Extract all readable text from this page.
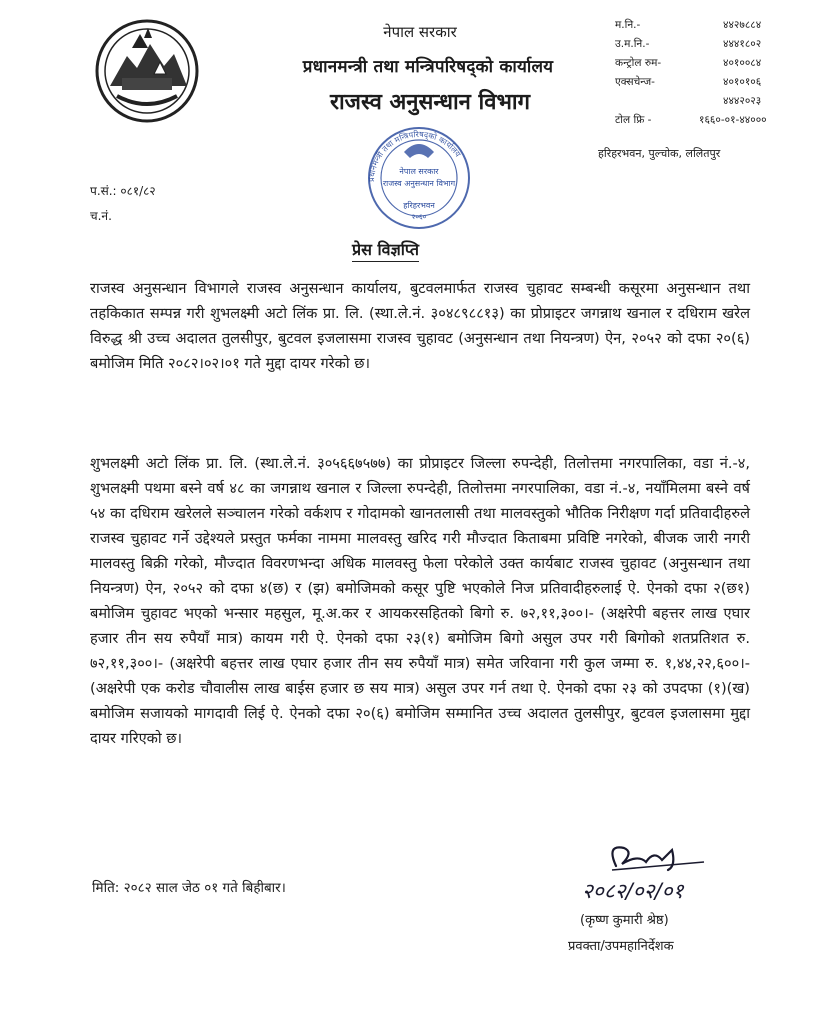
नेपाल सरकार
प्रधानमन्त्री तथा मन्त्रिपरिषद्को कार्यालय
राजस्व अनुसन्धान विभाग
म.नि.-	४४२७८८४
उ.म.नि.-	४४४१८०२
कन्ट्रोल रुम-	४०१००८४
एक्सचेन्ज-	४०१०१०६
४४४२०२३
टोल फ्रि -	१६६०-०१-४४०००
हरिहरभवन, पुल्चोक, ललितपुर
प्रधानमन्त्री तथा मन्त्रिपरिषद्को कार्यालय
नेपाल सरकार
राजस्व अनुसन्धान विभाग
हरिहरभवन
२०६०
प.सं.: ०८१/८२
च.नं.
प्रेस विज्ञप्ति

राजस्व अनुसन्धान विभागले राजस्व अनुसन्धान कार्यालय, बुटवलमार्फत राजस्व चुहावट सम्बन्धी कसूरमा अनुसन्धान तथा तहकिकात सम्पन्न गरी शुभलक्ष्मी अटो लिंक प्रा. लि. (स्था.ले.नं. ३०४८९८८१३) का प्रोप्राइटर जगन्नाथ खनाल र दधिराम खरेल विरुद्ध श्री उच्च अदालत तुलसीपुर, बुटवल इजलासमा राजस्व चुहावट (अनुसन्धान तथा नियन्त्रण) ऐन, २०५२ को दफा २०(६) बमोजिम मिति २०८२।०२।०१ गते मुद्दा दायर गरेको छ।

शुभलक्ष्मी अटो लिंक प्रा. लि. (स्था.ले.नं. ३०५६६७५७७) का प्रोप्राइटर जिल्ला रुपन्देही, तिलोत्तमा नगरपालिका, वडा नं.-४, शुभलक्ष्मी पथमा बस्ने वर्ष ४८ का जगन्नाथ खनाल र जिल्ला रुपन्देही, तिलोत्तमा नगरपालिका, वडा नं.-४, नयाँमिलमा बस्ने वर्ष ५४ का दधिराम खरेलले सञ्चालन गरेको वर्कशप र गोदामको खानतलासी तथा मालवस्तुको भौतिक निरीक्षण गर्दा प्रतिवादीहरुले राजस्व चुहावट गर्ने उद्देश्यले प्रस्तुत फर्मका नाममा मालवस्तु खरिद गरी मौज्दात किताबमा प्रविष्टि नगरेको, बीजक जारी नगरी मालवस्तु बिक्री गरेको, मौज्दात विवरणभन्दा अधिक मालवस्तु फेला परेकोले उक्त कार्यबाट राजस्व चुहावट (अनुसन्धान तथा नियन्त्रण) ऐन, २०५२ को दफा ४(छ) र (झ) बमोजिमको कसूर पुष्टि भएकोले निज प्रतिवादीहरुलाई ऐ. ऐनको दफा २(छ१) बमोजिम चुहावट भएको भन्सार महसुल, मू.अ.कर र आयकरसहितको बिगो रु. ७२,११,३००।- (अक्षरेपी बहत्तर लाख एघार हजार तीन सय रुपैयाँ मात्र) कायम गरी ऐ. ऐनको दफा २३(१) बमोजिम बिगो असुल उपर गरी बिगोको शतप्रतिशत रु. ७२,११,३००।- (अक्षरेपी बहत्तर लाख एघार हजार तीन सय रुपैयाँ मात्र) समेत जरिवाना गरी कुल जम्मा रु. १,४४,२२,६००।- (अक्षरेपी एक करोड चौवालीस लाख बाईस हजार छ सय मात्र) असुल उपर गर्न तथा ऐ. ऐनको दफा २३ को उपदफा (१)(ख) बमोजिम सजायको मागदावी लिई ऐ. ऐनको दफा २०(६) बमोजिम सम्मानित उच्च अदालत तुलसीपुर, बुटवल इजलासमा मुद्दा दायर गरिएको छ।

मिति: २०८२ साल जेठ ०१ गते बिहीबार।	२०८२/०२/०१
(कृष्ण कुमारी श्रेष्ठ)
प्रवक्ता/उपमहानिर्देशक
